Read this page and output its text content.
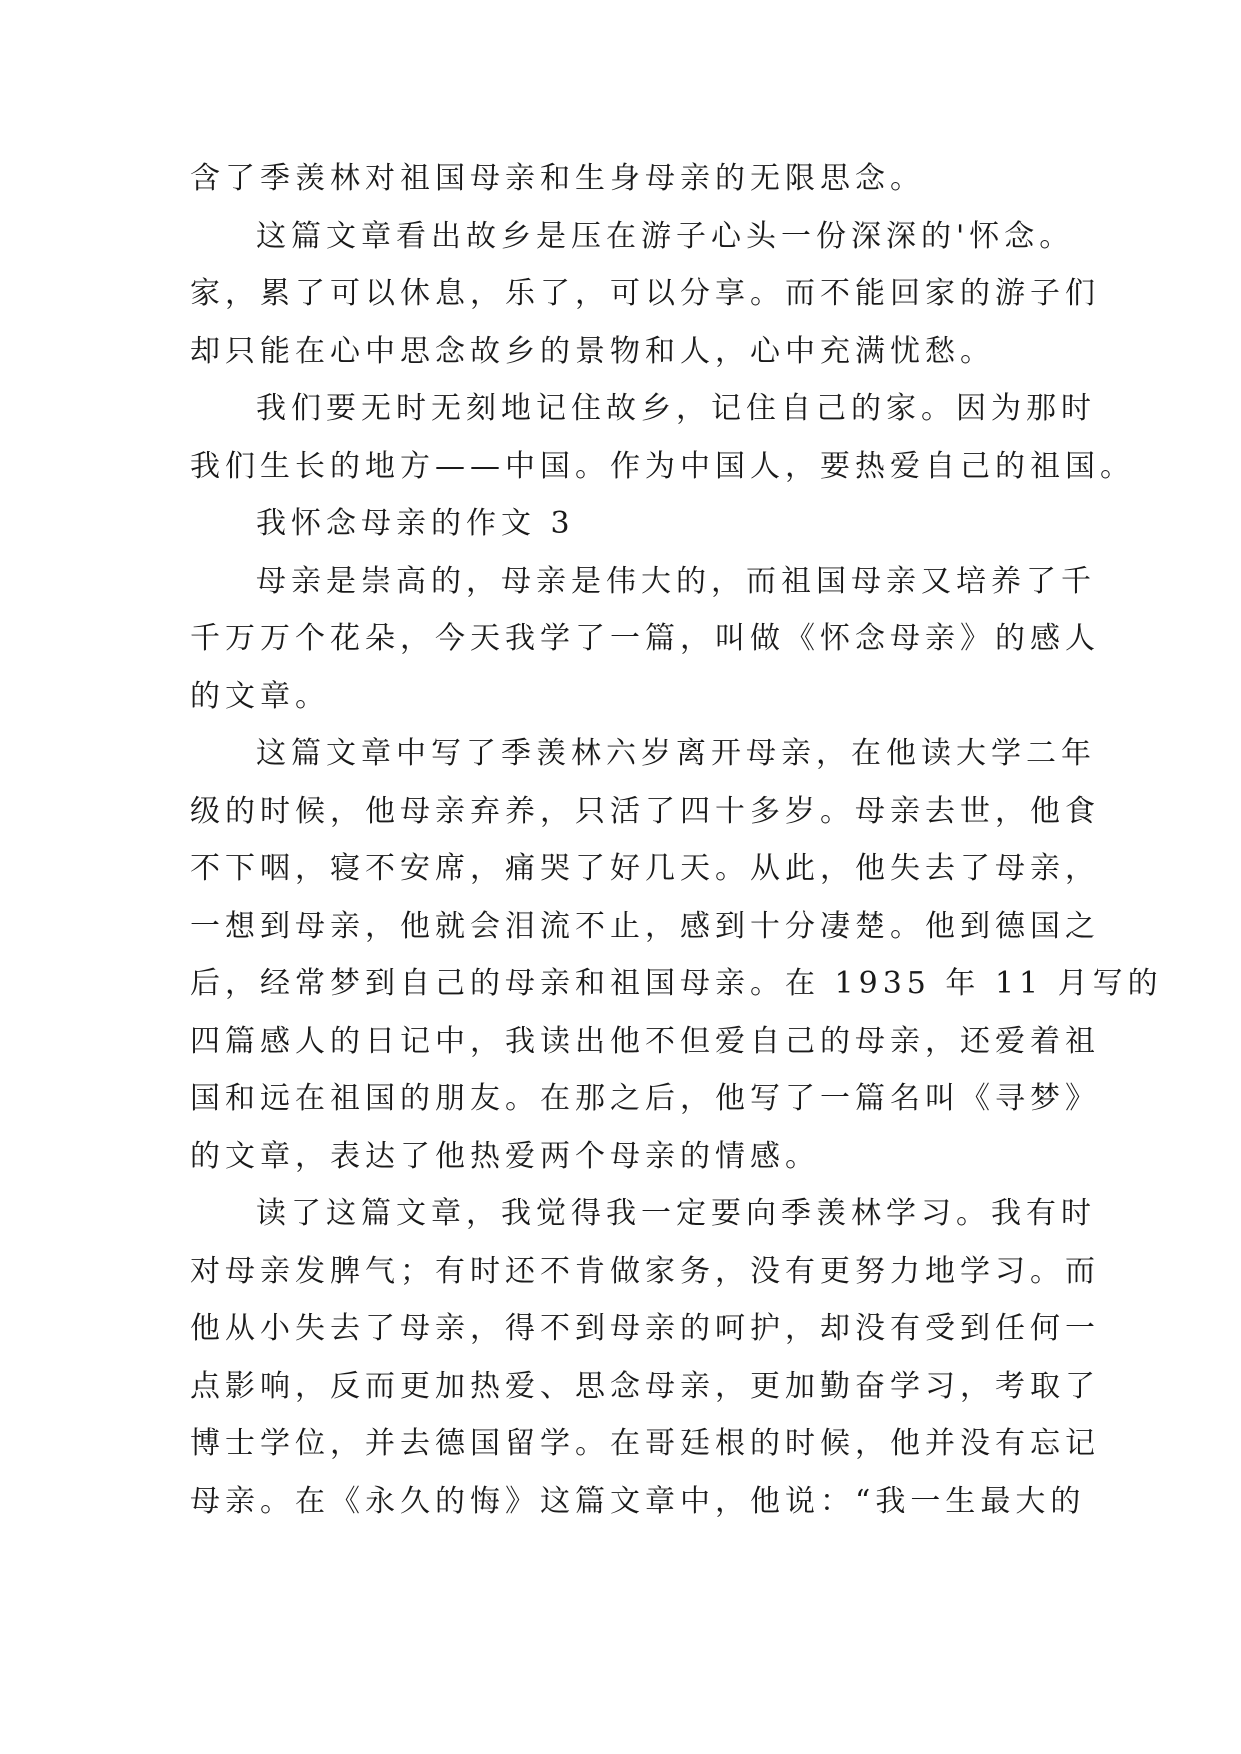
含了季羡林对祖国母亲和生身母亲的无限思念。
这篇文章看出故乡是压在游子心头一份深深的'怀念。
家，累了可以休息，乐了，可以分享。而不能回家的游子们
却只能在心中思念故乡的景物和人，心中充满忧愁。
我们要无时无刻地记住故乡，记住自己的家。因为那时
我们生长的地方——中国。作为中国人，要热爱自己的祖国。
我怀念母亲的作文 3
母亲是崇高的，母亲是伟大的，而祖国母亲又培养了千
千万万个花朵，今天我学了一篇，叫做《怀念母亲》的感人
的文章。
这篇文章中写了季羡林六岁离开母亲，在他读大学二年
级的时候，他母亲弃养，只活了四十多岁。母亲去世，他食
不下咽，寝不安席，痛哭了好几天。从此，他失去了母亲，
一想到母亲，他就会泪流不止，感到十分凄楚。他到德国之
后，经常梦到自己的母亲和祖国母亲。在 1935 年 11 月写的
四篇感人的日记中，我读出他不但爱自己的母亲，还爱着祖
国和远在祖国的朋友。在那之后，他写了一篇名叫《寻梦》
的文章，表达了他热爱两个母亲的情感。
读了这篇文章，我觉得我一定要向季羡林学习。我有时
对母亲发脾气；有时还不肯做家务，没有更努力地学习。而
他从小失去了母亲，得不到母亲的呵护，却没有受到任何一
点影响，反而更加热爱、思念母亲，更加勤奋学习，考取了
博士学位，并去德国留学。在哥廷根的时候，他并没有忘记
母亲。在《永久的悔》这篇文章中，他说：“我一生最大的
